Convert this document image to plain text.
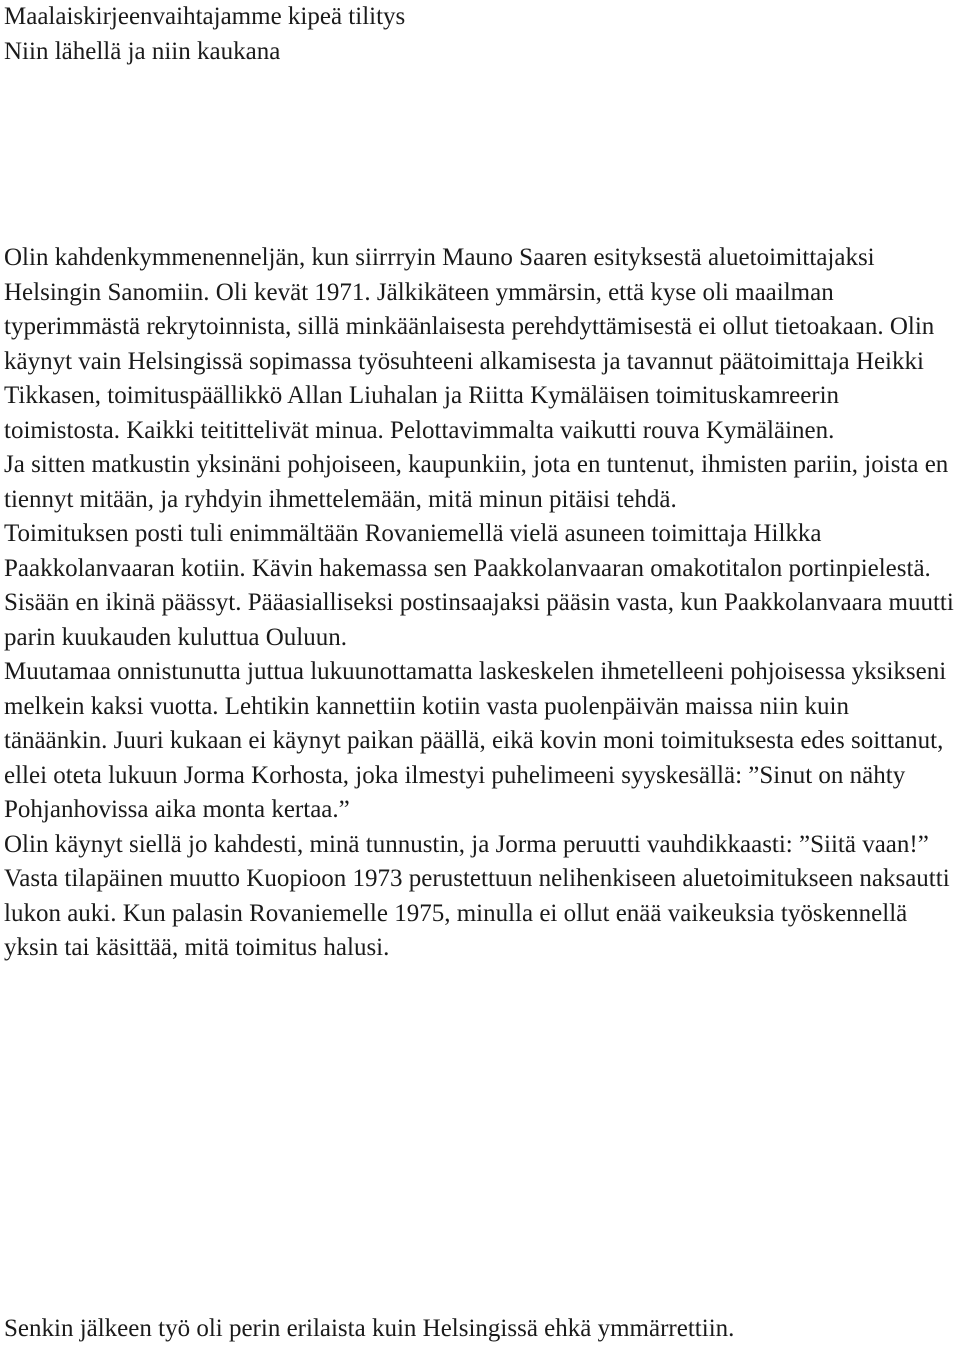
Maalaiskirjeenvaihtajamme kipeä tilitys
Niin lähellä ja niin kaukana

Olin kahdenkymmenenneljän, kun siirrryin Mauno Saaren esityksestä aluetoimittajaksi Helsingin Sanomiin. Oli kevät 1971. Jälkikäteen ymmärsin, että kyse oli maailman typerimmästä rekrytoinnista, sillä minkäänlaisesta perehdyttämisestä ei ollut tietoakaan. Olin käynyt vain Helsingissä sopimassa työsuhteeni alkamisesta ja tavannut päätoimittaja Heikki Tikkasen, toimituspäällikkö Allan Liuhalan ja Riitta Kymäläisen toimituskamreerin toimistosta. Kaikki teitittelivät minua. Pelottavimmalta vaikutti rouva Kymäläinen.

Ja sitten matkustin yksinäni pohjoiseen, kaupunkiin, jota en tuntenut, ihmisten pariin, joista en tiennyt mitään, ja ryhdyin ihmettelemään, mitä minun pitäisi tehdä.

Toimituksen posti tuli enimmältään Rovaniemellä vielä asuneen toimittaja Hilkka Paakkolanvaaran kotiin. Kävin hakemassa sen Paakkolanvaaran omakotitalon portinpielestä. Sisään en ikinä päässyt. Pääasialliseksi postinsaajaksi pääsin vasta, kun Paakkolanvaara muutti parin kuukauden kuluttua Ouluun.

Muutamaa onnistunutta juttua lukuunottamatta laskeskelen ihmetelleeni pohjoisessa yksikseni melkein kaksi vuotta. Lehtikin kannettiin kotiin vasta puolenpäivän maissa niin kuin tänäänkin. Juuri kukaan ei käynyt paikan päällä, eikä kovin moni toimituksesta edes soittanut, ellei oteta lukuun Jorma Korhosta, joka ilmestyi puhelimeeni syyskesällä: ”Sinut on nähty Pohjanhovissa aika monta kertaa.”

Olin käynyt siellä jo kahdesti, minä tunnustin, ja Jorma peruutti vauhdikkaasti: ”Siitä vaan!”

Vasta tilapäinen muutto Kuopioon 1973 perustettuun nelihenkiseen aluetoimitukseen naksautti lukon auki. Kun palasin Rovaniemelle 1975, minulla ei ollut enää vaikeuksia työskennellä yksin tai käsittää, mitä toimitus halusi.

Senkin jälkeen työ oli perin erilaista kuin Helsingissä ehkä ymmärrettiin.
